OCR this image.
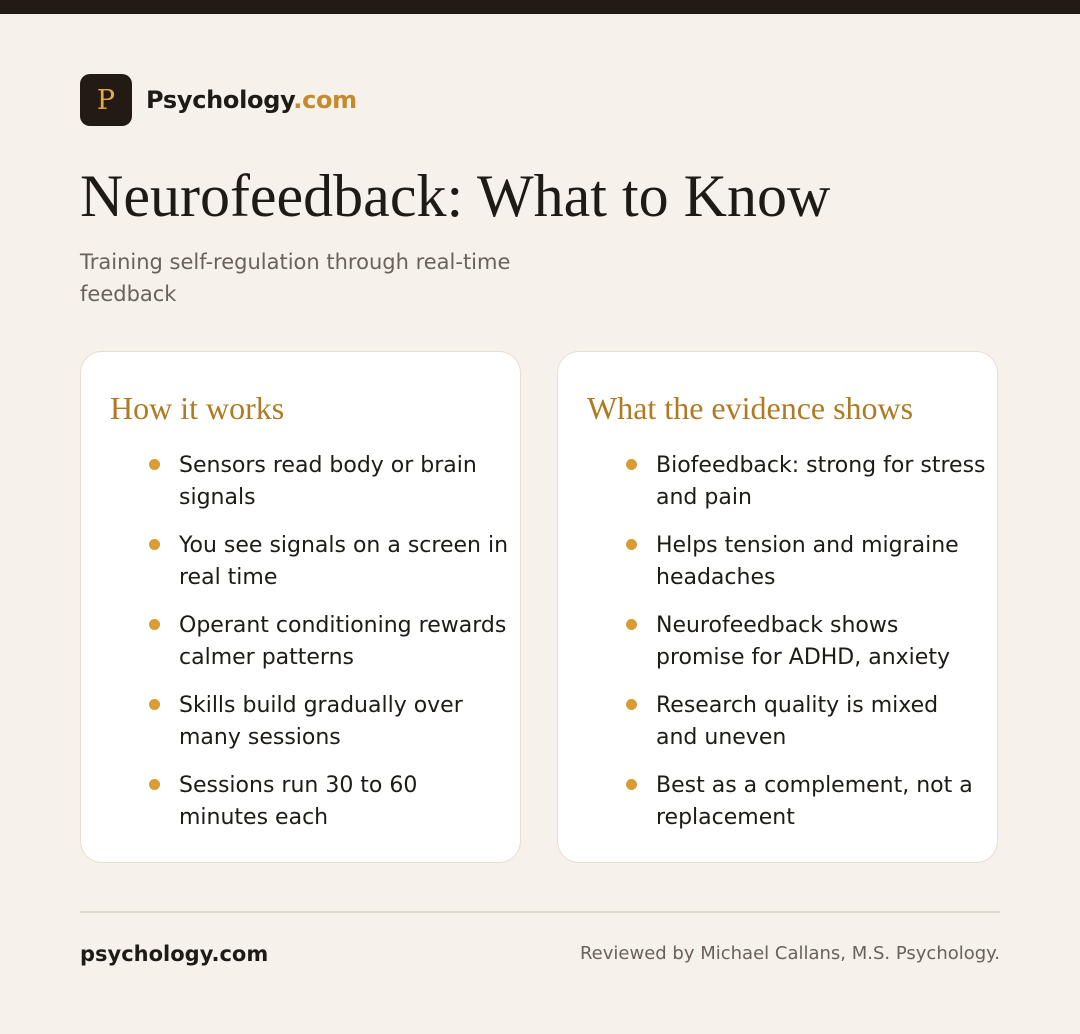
P Psychology.com
Neurofeedback: What to Know

Training self-regulation through real-time feedback

How it works
Sensors read body or brain signals
You see signals on a screen in real time
Operant conditioning rewards calmer patterns
Skills build gradually over many sessions
Sessions run 30 to 60 minutes each
What the evidence shows
Biofeedback: strong for stress and pain
Helps tension and migraine headaches
Neurofeedback shows promise for ADHD, anxiety
Research quality is mixed and uneven
Best as a complement, not a replacement
psychology.com	Reviewed by Michael Callans, M.S. Psychology.
